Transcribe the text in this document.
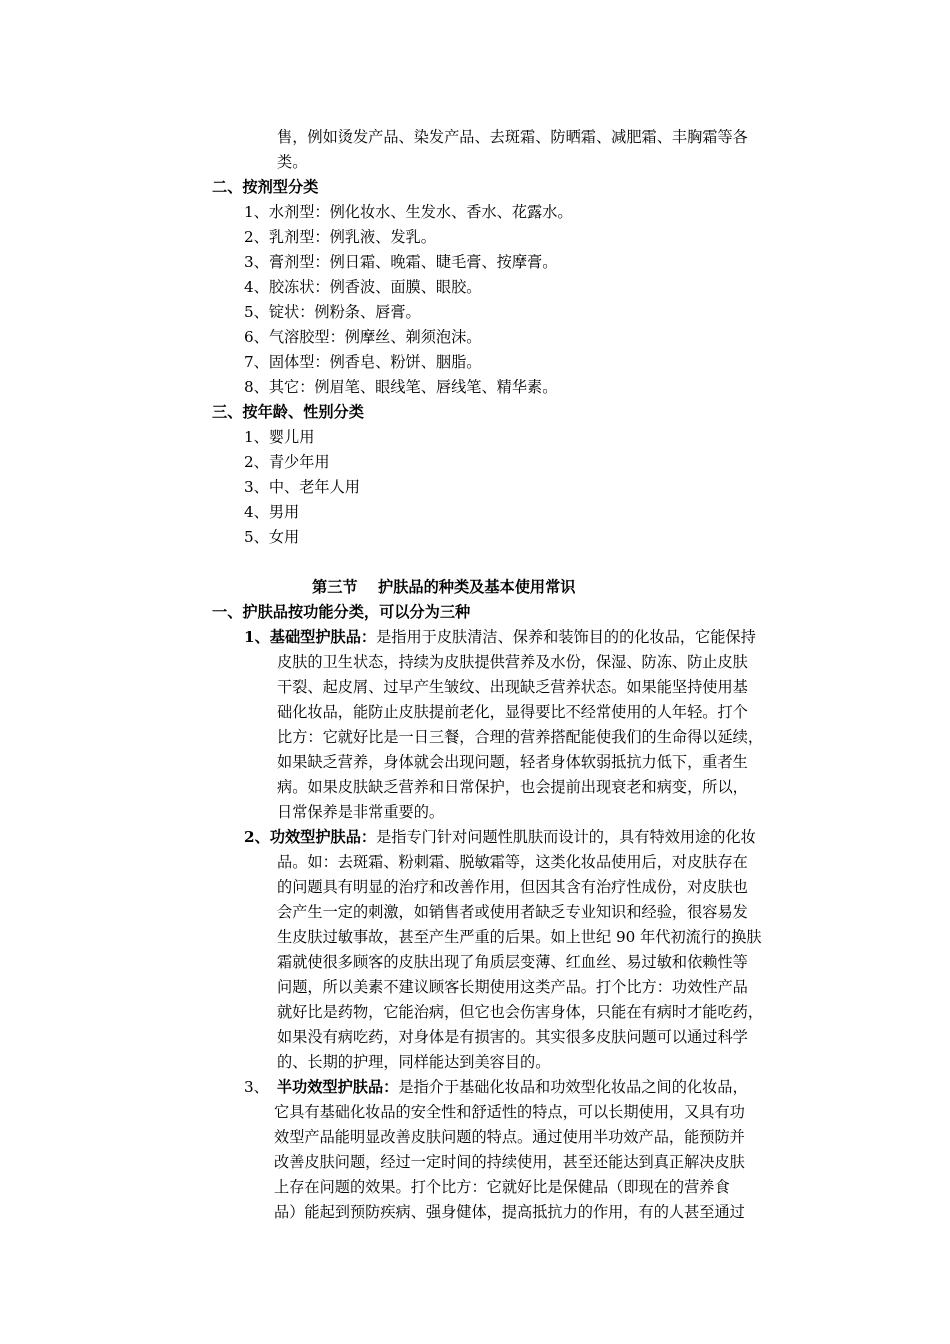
售，例如烫发产品、染发产品、去斑霜、防晒霜、减肥霜、丰胸霜等各
类。
二、按剂型分类
1、水剂型：例化妆水、生发水、香水、花露水。
2、乳剂型：例乳液、发乳。
3、膏剂型：例日霜、晚霜、睫毛膏、按摩膏。
4、胶冻状：例香波、面膜、眼胶。
5、锭状：例粉条、唇膏。
6、气溶胶型：例摩丝、剃须泡沫。
7、固体型：例香皂、粉饼、胭脂。
8、其它：例眉笔、眼线笔、唇线笔、精华素。
三、按年龄、性别分类
1、婴儿用
2、青少年用
3、中、老年人用
4、男用
5、女用
第三节 护肤品的种类及基本使用常识
一、护肤品按功能分类，可以分为三种
1、基础型护肤品：是指用于皮肤清洁、保养和装饰目的的化妆品，它能保持
皮肤的卫生状态，持续为皮肤提供营养及水份，保湿、防冻、防止皮肤
干裂、起皮屑、过早产生皱纹、出现缺乏营养状态。如果能坚持使用基
础化妆品，能防止皮肤提前老化，显得要比不经常使用的人年轻。打个
比方：它就好比是一日三餐，合理的营养搭配能使我们的生命得以延续，
如果缺乏营养，身体就会出现问题，轻者身体软弱抵抗力低下，重者生
病。如果皮肤缺乏营养和日常保护，也会提前出现衰老和病变，所以，
日常保养是非常重要的。
2、功效型护肤品：是指专门针对问题性肌肤而设计的，具有特效用途的化妆
品。如：去斑霜、粉刺霜、脱敏霜等，这类化妆品使用后，对皮肤存在
的问题具有明显的治疗和改善作用，但因其含有治疗性成份，对皮肤也
会产生一定的刺激，如销售者或使用者缺乏专业知识和经验，很容易发
生皮肤过敏事故，甚至产生严重的后果。如上世纪 90 年代初流行的换肤
霜就使很多顾客的皮肤出现了角质层变薄、红血丝、易过敏和依赖性等
问题，所以美素不建议顾客长期使用这类产品。打个比方：功效性产品
就好比是药物，它能治病，但它也会伤害身体，只能在有病时才能吃药，
如果没有病吃药，对身体是有损害的。其实很多皮肤问题可以通过科学
的、长期的护理，同样能达到美容目的。
3、 半功效型护肤品：是指介于基础化妆品和功效型化妆品之间的化妆品，
它具有基础化妆品的安全性和舒适性的特点，可以长期使用，又具有功
效型产品能明显改善皮肤问题的特点。通过使用半功效产品，能预防并
改善皮肤问题，经过一定时间的持续使用，甚至还能达到真正解决皮肤
上存在问题的效果。打个比方：它就好比是保健品（即现在的营养食
品）能起到预防疾病、强身健体，提高抵抗力的作用，有的人甚至通过
